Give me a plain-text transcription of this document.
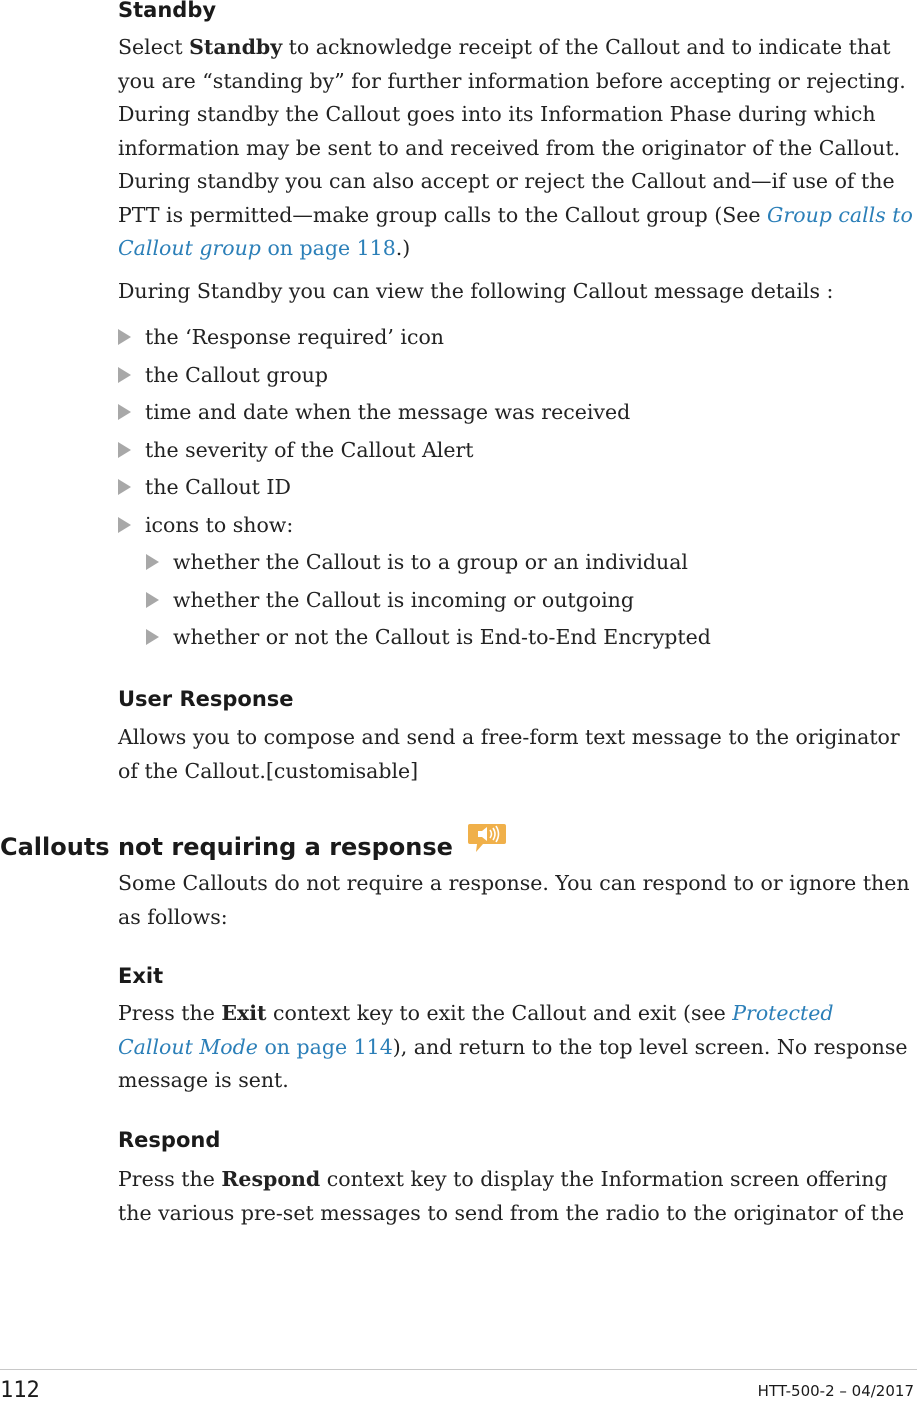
Standby
Select Standby to acknowledge receipt of the Callout and to indicate that you are “standing by” for further information before accepting or rejecting. During standby the Callout goes into its Information Phase during which information may be sent to and received from the originator of the Callout. During standby you can also accept or reject the Callout and—if use of the PTT is permitted—make group calls to the Callout group (See Group calls to Callout group on page 118.)
During Standby you can view the following Callout message details :
the ‘Response required’ icon
the Callout group
time and date when the message was received
the severity of the Callout Alert
the Callout ID
icons to show:
whether the Callout is to a group or an individual
whether the Callout is incoming or outgoing
whether or not the Callout is End-to-End Encrypted
User Response
Allows you to compose and send a free-form text message to the originator of the Callout.[customisable]
Callouts not requiring a response
Some Callouts do not require a response. You can respond to or ignore then as follows:
Exit
Press the Exit context key to exit the Callout and exit (see Protected Callout Mode on page 114), and return to the top level screen. No response message is sent.
Respond
Press the Respond context key to display the Information screen offering the various pre-set messages to send from the radio to the originator of the
112	HTT-500-2 – 04/2017
